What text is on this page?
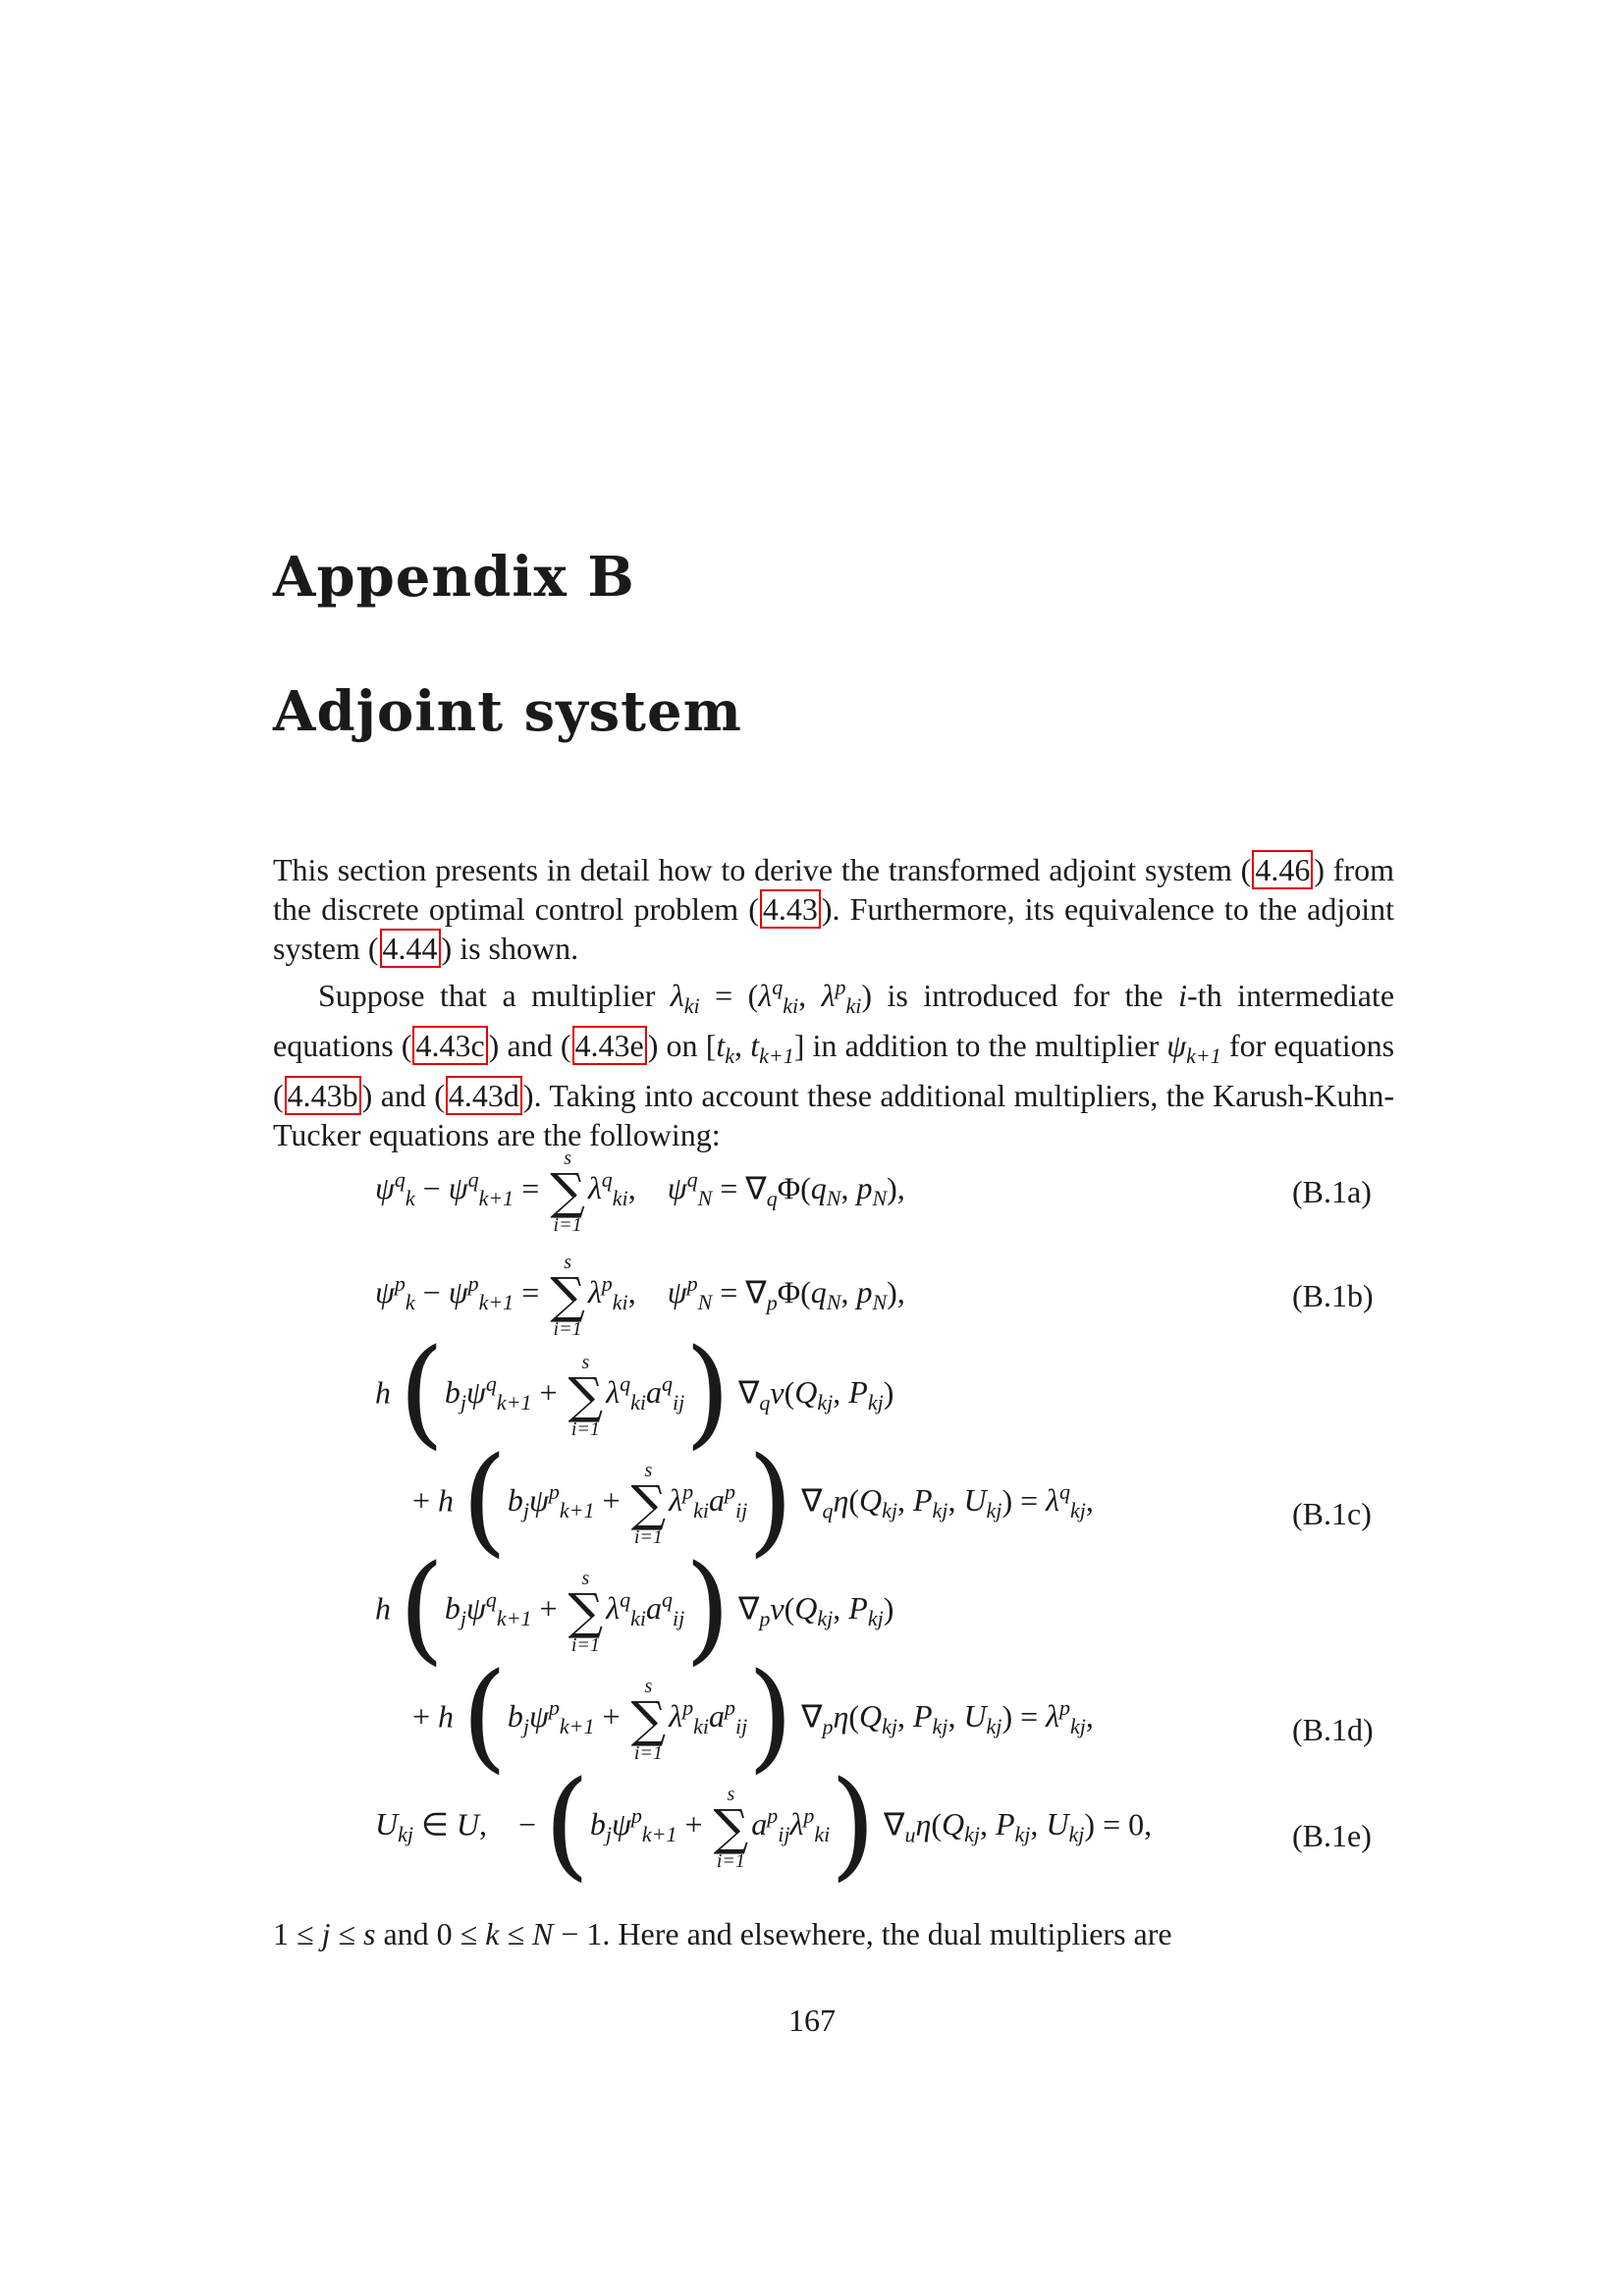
Appendix B
Adjoint system

This section presents in detail how to derive the transformed adjoint system ( 4.46 ) from the discrete optimal control problem ( 4.43 ). Furthermore, its equivalence to the adjoint system ( 4.44 ) is shown.

Suppose that a multiplier $\lambda_{ki} = (\lambda^q_{ki}$, $\lambda^p_{ki}$) is introduced for the i-th intermediate equations ( 4.43c ) and ( 4.43e ) on [$t_k$, $t_{k+1}$] in addition to the multiplier $\psi_{k+1}$ for equations ( 4.43b ) and ( 4.43d ). Taking into account these additional multipliers, the Karush-Kuhn-Tucker equations are the following:

$\psi^q_k - \psi^q_{k+1}$ =
s
∑
i=1
$\lambda^q_{ki}$,    $\psi^q_N = \nabla_q\Phi(q_N$, $p_N$),	(B.1a)
$\psi^p_k - \psi^p_{k+1}$ =
s
∑
i=1
$\lambda^p_{ki}$,    $\psi^p_N = \nabla_p\Phi(q_N$, $p_N$),	(B.1b)
h ($b_j\psi^q_{k+1}$ +
s
∑
i=1
$\lambda^q_{ki}a^q_{ij}$) $\nabla_q\nu(Q_{kj}$, $P_{kj}$)
+ h ($b_j\psi^p_{k+1}$ +
s
∑
i=1
$\lambda^p_{ki}a^p_{ij}$) $\nabla_q\eta(Q_{kj}$, $P_{kj}$, $U_{kj}) = \lambda^q_{kj}$,	(B.1c)
h ($b_j\psi^q_{k+1}$ +
s
∑
i=1
$\lambda^q_{ki}a^q_{ij}$) $\nabla_p\nu(Q_{kj}$, $P_{kj}$)
+ h ($b_j\psi^p_{k+1}$ +
s
∑
i=1
$\lambda^p_{ki}a^p_{ij}$) $\nabla_p\eta(Q_{kj}$, $P_{kj}$, $U_{kj}) = \lambda^p_{kj}$,	(B.1d)
$U_{kj}$ ∈ U,    − ($b_j\psi^p_{k+1}$ +
s
∑
i=1
$a^p_{ij}\lambda^p_{ki}$) $\nabla_u\eta(Q_{kj}$, $P_{kj}$, $U_{kj}) = 0$,	(B.1e)

1 ≤ j ≤ s and 0 ≤ k ≤ N − 1. Here and elsewhere, the dual multipliers are

167
